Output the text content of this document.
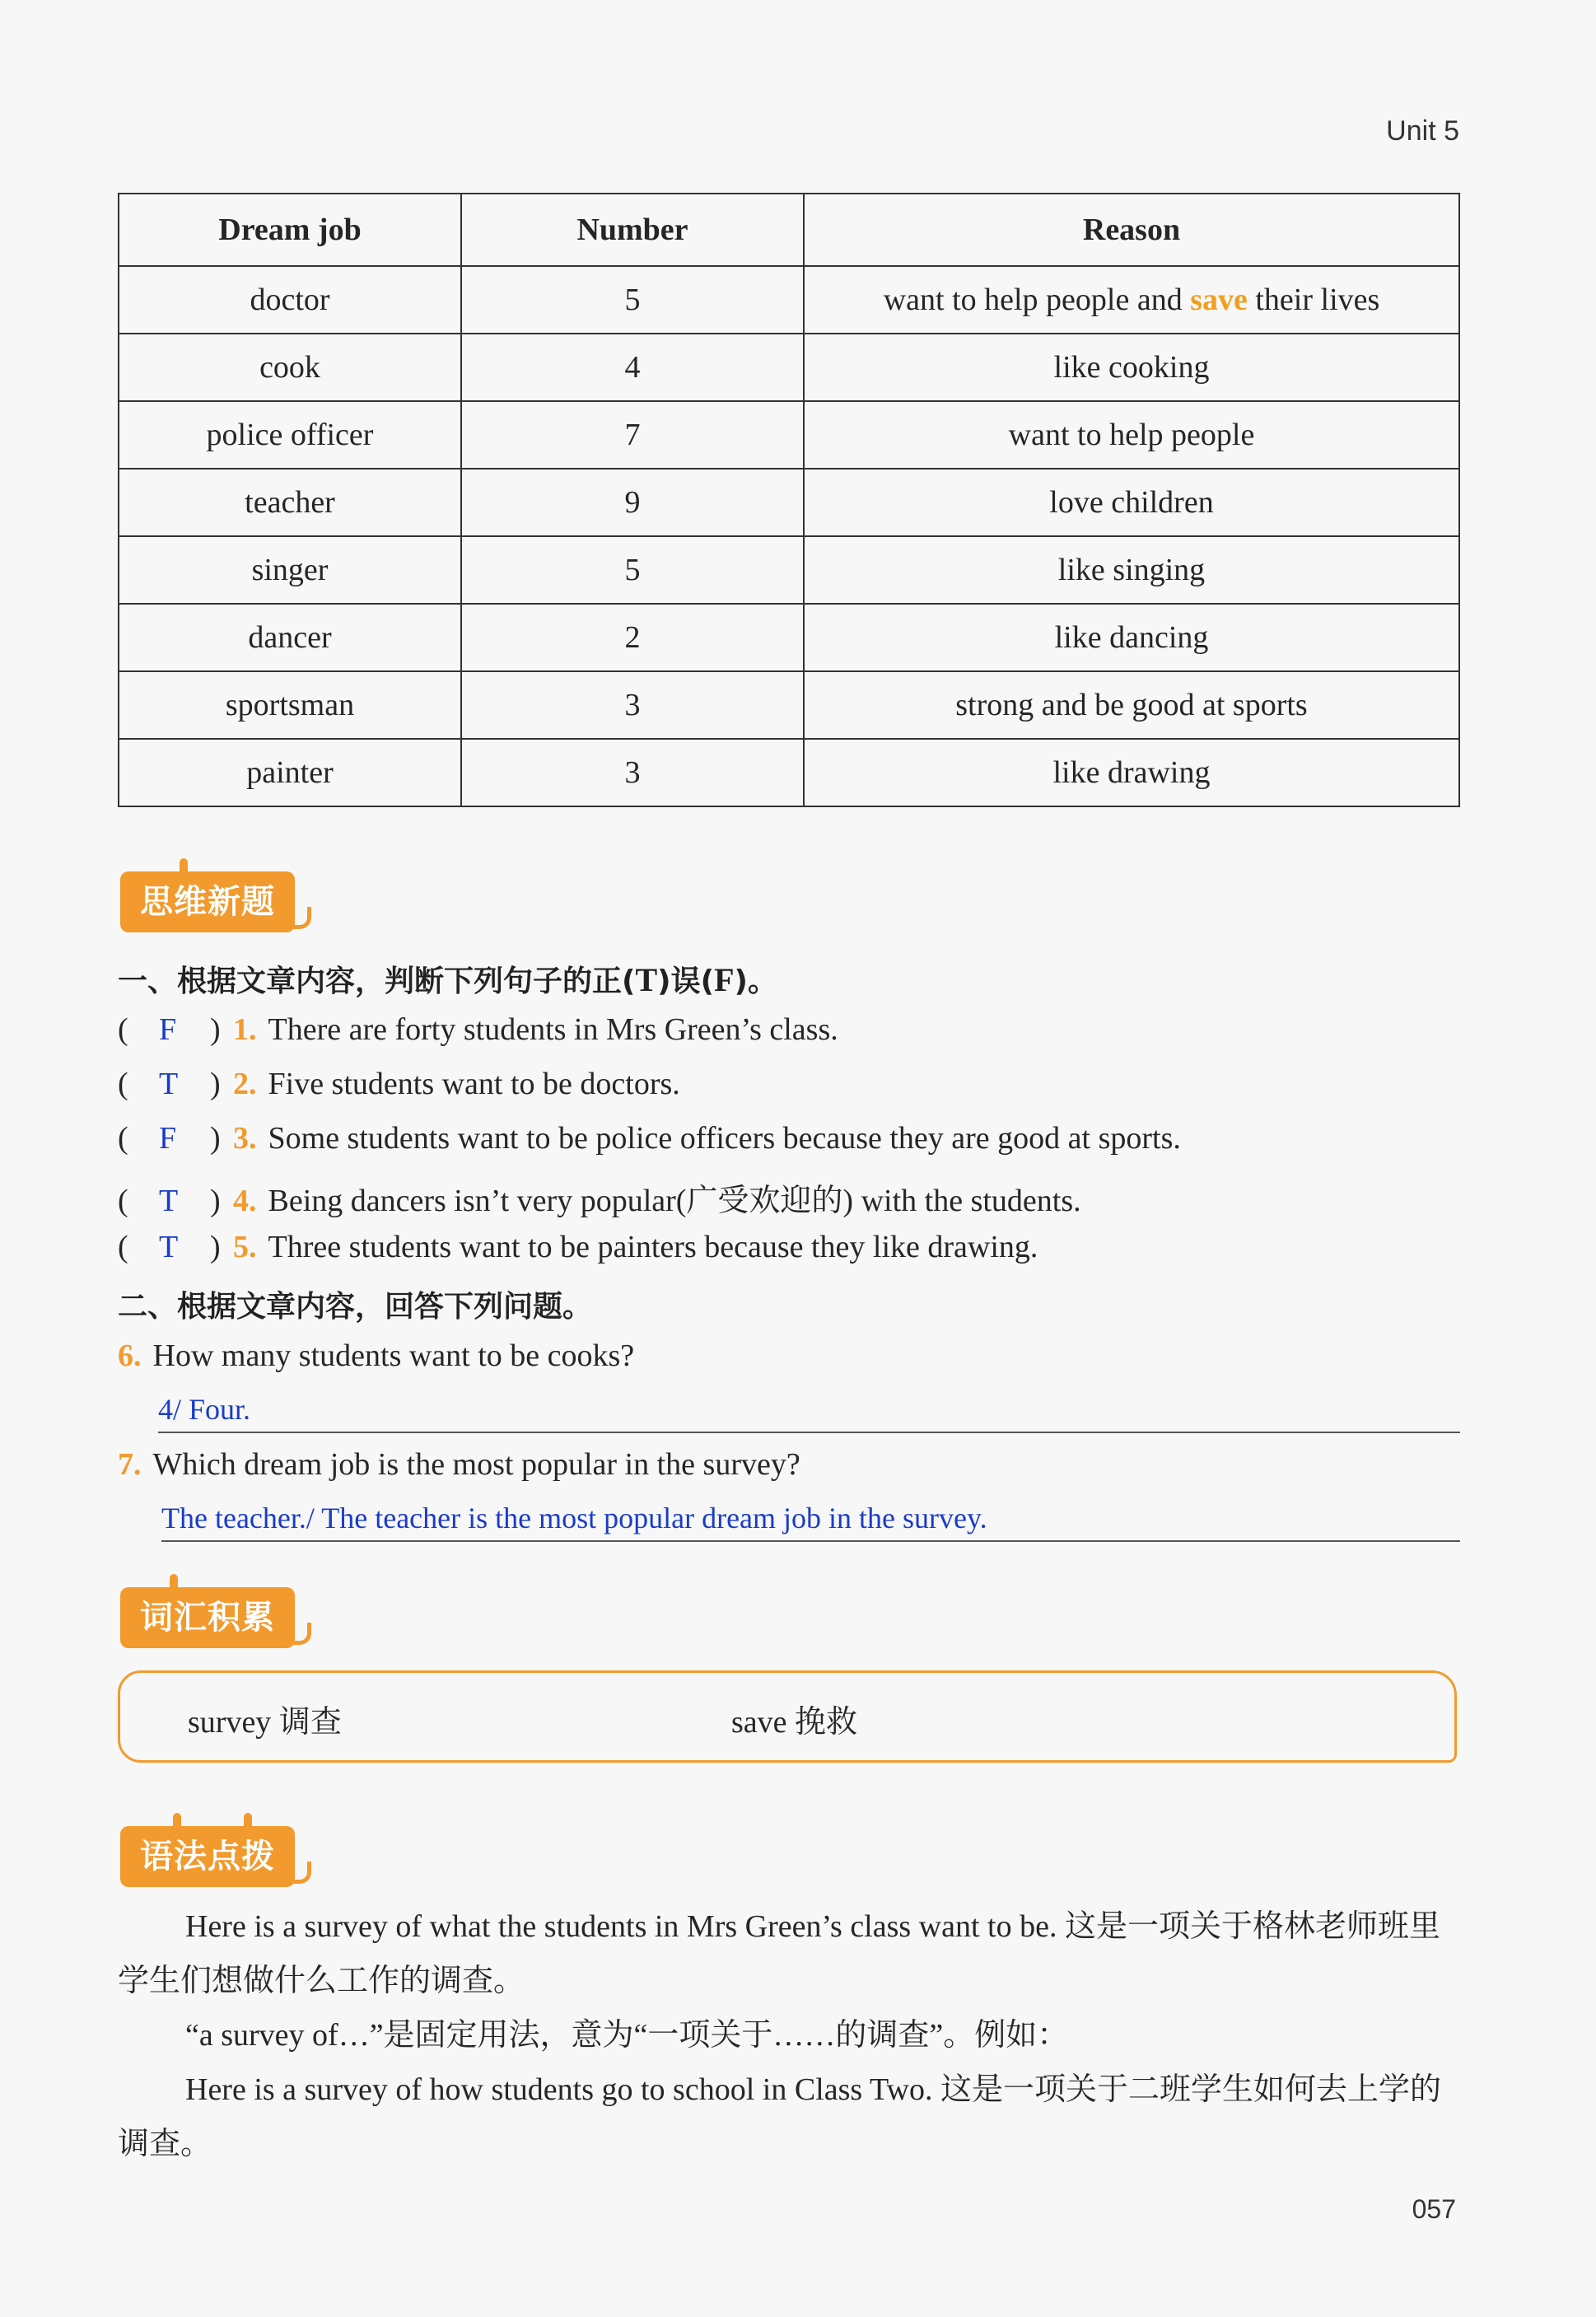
Unit 5
Dream job	Number	Reason
doctor	5	want to help people and save their lives
cook	4	like cooking
police officer	7	want to help people
teacher	9	love children
singer	5	like singing
dancer	2	like dancing
sportsman	3	strong and be good at sports
painter	3	like drawing
思维新题
一、根据文章内容，判断下列句子的正(T)误(F)。
( F ) 1. There are forty students in Mrs Green’s class.
( T ) 2. Five students want to be doctors.
( F ) 3. Some students want to be police officers because they are good at sports.
( T ) 4. Being dancers isn’t very popular(广受欢迎的) with the students.
( T ) 5. Three students want to be painters because they like drawing.
二、根据文章内容，回答下列问题。
6. How many students want to be cooks?
4/ Four.
7. Which dream job is the most popular in the survey?
The teacher./ The teacher is the most popular dream job in the survey.
词汇积累
survey 调查	save 挽救
语法点拨
Here is a survey of what the students in Mrs Green’s class want to be. 这是一项关于格林老师班里学生们想做什么工作的调查。
“a survey of…”是固定用法，意为“一项关于……的调查”。例如：
Here is a survey of how students go to school in Class Two. 这是一项关于二班学生如何去上学的调查。
057
